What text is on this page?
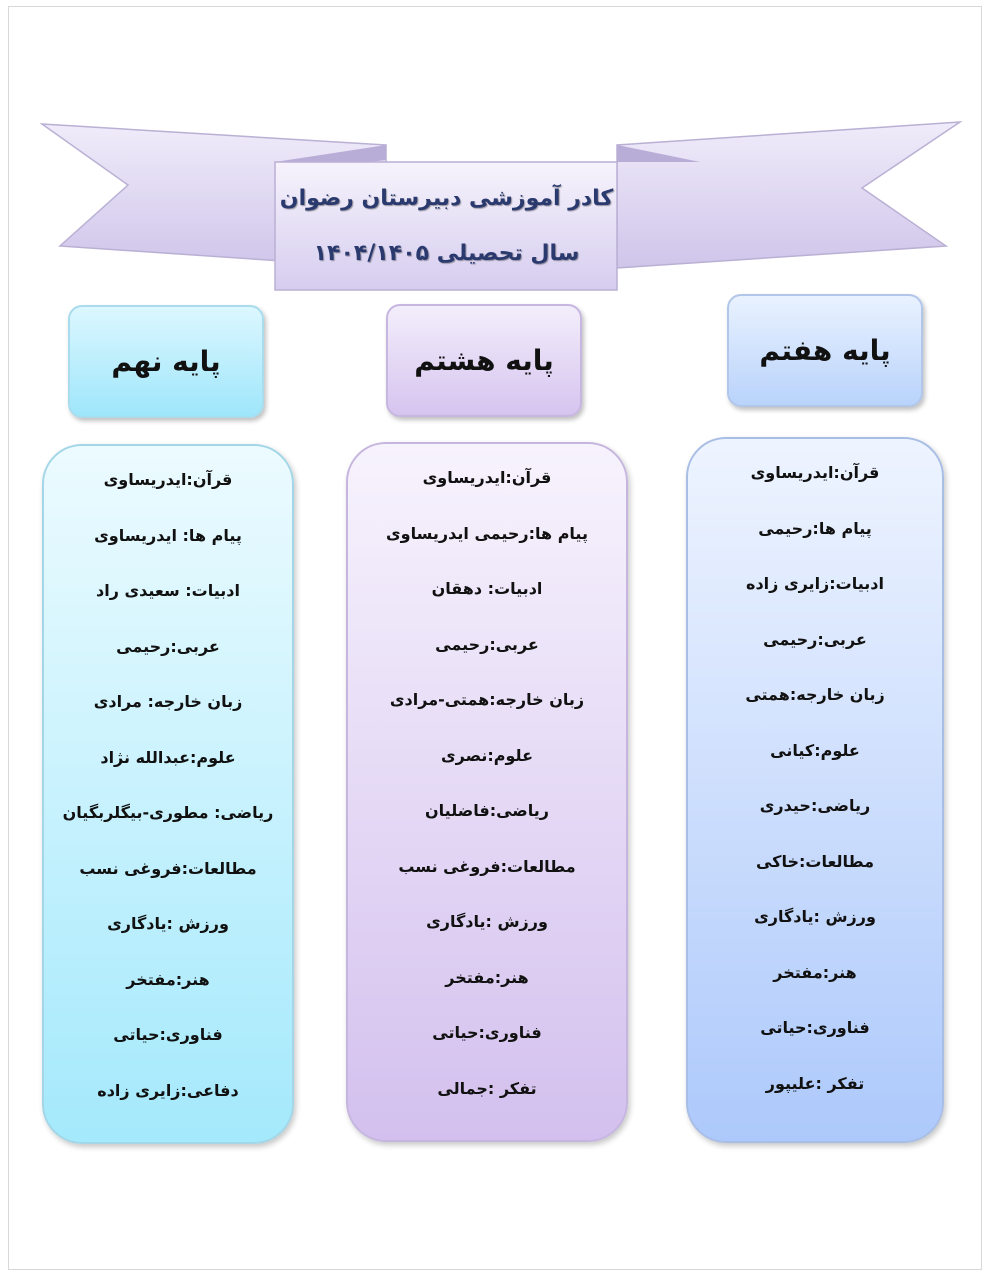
کادر آموزشی دبیرستان رضوان
سال تحصیلی ۱۴۰۴/۱۴۰۵
پایه هفتم
پایه هشتم
پایه نهم
قرآن:ایدریساوی
پیام ها:رحیمی
ادبیات:زایری زاده
عربی:رحیمی
زبان خارجه:همتی
علوم:کیانی
ریاضی:حیدری
مطالعات:خاکی
ورزش :یادگاری
هنر:مفتخر
فناوری:حیاتی
تفکر :علیپور
قرآن:ایدریساوی
پیام ها:رحیمی ایدریساوی
ادبیات: دهقان
عربی:رحیمی
زبان خارجه:همتی-مرادی
علوم:نصری
ریاضی:فاضلیان
مطالعات:فروغی نسب
ورزش :یادگاری
هنر:مفتخر
فناوری:حیاتی
تفکر :جمالی
قرآن:ایدریساوی
پیام ها: ایدریساوی
ادبیات: سعیدی راد
عربی:رحیمی
زبان خارجه: مرادی
علوم:عبدالله نژاد
ریاضی: مطوری-بیگلربگیان
مطالعات:فروغی نسب
ورزش :یادگاری
هنر:مفتخر
فناوری:حیاتی
دفاعی:زایری زاده
